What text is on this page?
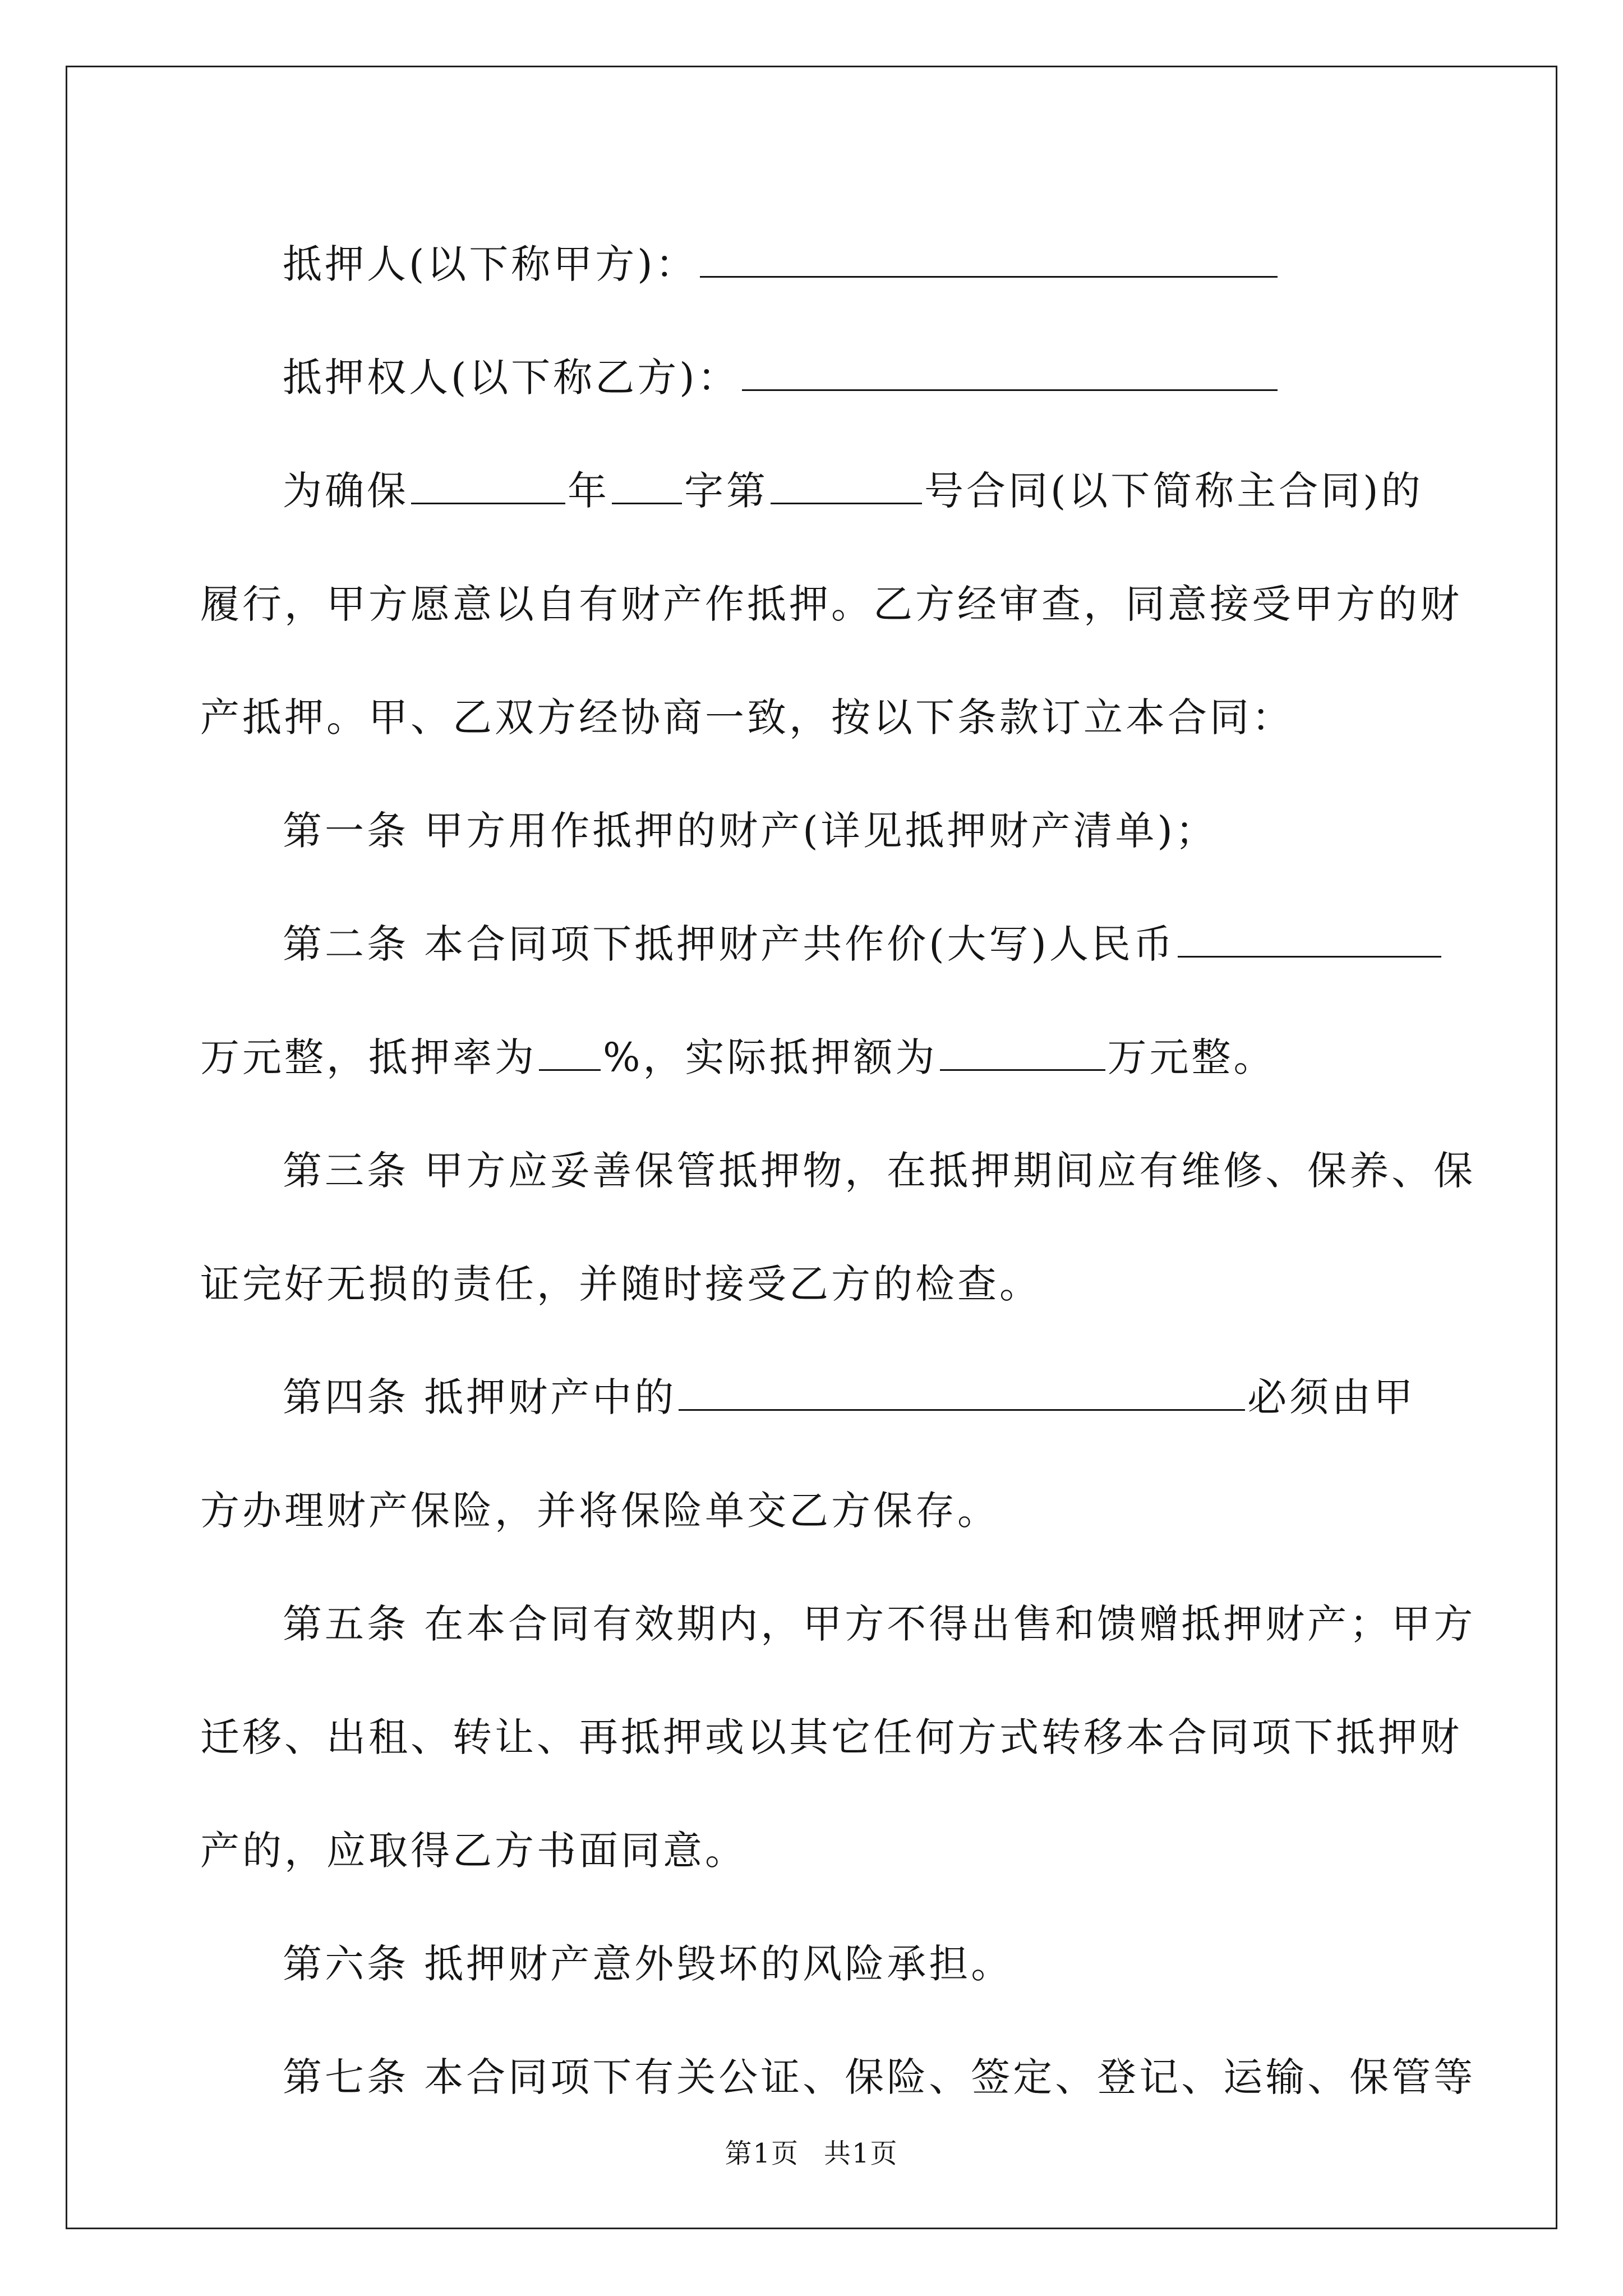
抵押人(以下称甲方)：
抵押权人(以下称乙方)：
为确保	年 字第	号合同(以下简称主合同)的
履行，甲方愿意以自有财产作抵押。乙方经审查，同意接受甲方的财
产抵押。甲、乙双方经协商一致，按以下条款订立本合同：
第一条 甲方用作抵押的财产(详见抵押财产清单)；
第二条 本合同项下抵押财产共作价(大写)人民币
万元整，抵押率为 %，实际抵押额为	万元整。
第三条 甲方应妥善保管抵押物，在抵押期间应有维修、保养、保
证完好无损的责任，并随时接受乙方的检查。
第四条 抵押财产中的	必须由甲
方办理财产保险，并将保险单交乙方保存。
第五条 在本合同有效期内，甲方不得出售和馈赠抵押财产；甲方
迁移、出租、转让、再抵押或以其它任何方式转移本合同项下抵押财
产的，应取得乙方书面同意。
第六条 抵押财产意外毁坏的风险承担。
第七条 本合同项下有关公证、保险、签定、登记、运输、保管等
第1页 共1页
